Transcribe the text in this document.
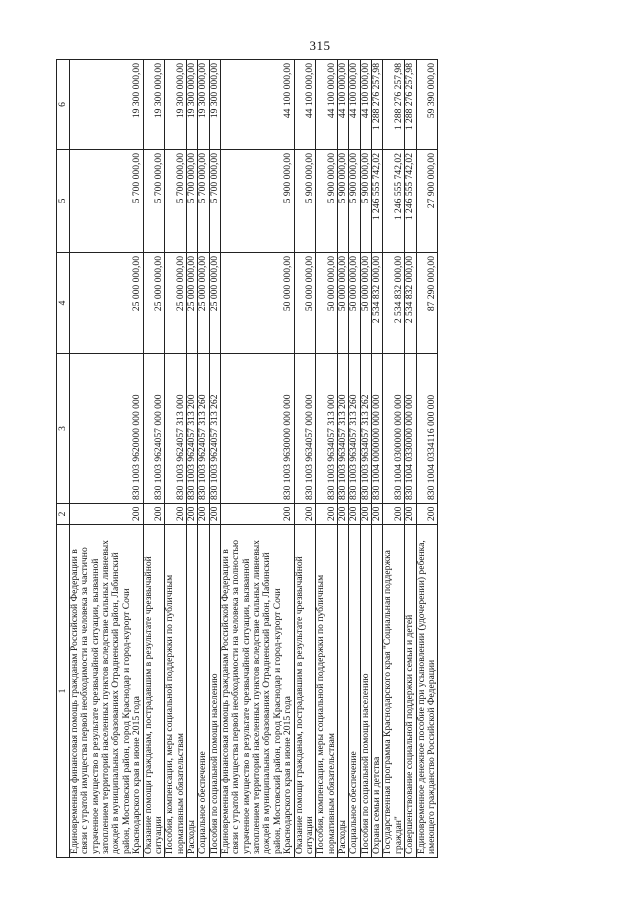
315
1	2	3	4	5	6
Единовременная финансовая помощь гражданам Российской Федерации в связи с утратой имущества первой необходимости на человека за частично утраченное имущество в результате чрезвычайной ситуации, вызванной затоплением территорий населенных пунктов вследствие сильных ливневых дождей в муниципальных образованиях Отрадненский район, Лабинский район, Мостовский район, город Краснодар и город-курорт Сочи Краснодарского края в июне 2015 года	200	830 1003 9620000 000 000	25 000 000,00	5 700 000,00	19 300 000,00
Оказание помощи гражданам, пострадавшим в результате чрезвычайной ситуации	200	830 1003 9624057 000 000	25 000 000,00	5 700 000,00	19 300 000,00
Пособия, компенсации, меры социальной поддержки по публичным нормативным обязательствам	200	830 1003 9624057 313 000	25 000 000,00	5 700 000,00	19 300 000,00
Расходы	200	830 1003 9624057 313 200	25 000 000,00	5 700 000,00	19 300 000,00
Социальное обеспечение	200	830 1003 9624057 313 260	25 000 000,00	5 700 000,00	19 300 000,00
Пособия по социальной помощи населению	200	830 1003 9624057 313 262	25 000 000,00	5 700 000,00	19 300 000,00
Единовременная финансовая помощь гражданам Российской Федерации в связи с утратой имущества первой необходимости на человека за полностью утраченное имущество в результате чрезвычайной ситуации, вызванной затоплением территорий населенных пунктов вследствие сильных ливневых дождей в муниципальных образованиях Отрадненский район, Лабинский район, Мостовский район, город Краснодар и город-курорт Сочи Краснодарского края в июне 2015 года	200	830 1003 9630000 000 000	50 000 000,00	5 900 000,00	44 100 000,00
Оказание помощи гражданам, пострадавшим в результате чрезвычайной ситуации	200	830 1003 9634057 000 000	50 000 000,00	5 900 000,00	44 100 000,00
Пособия, компенсации, меры социальной поддержки по публичным нормативным обязательствам	200	830 1003 9634057 313 000	50 000 000,00	5 900 000,00	44 100 000,00
Расходы	200	830 1003 9634057 313 200	50 000 000,00	5 900 000,00	44 100 000,00
Социальное обеспечение	200	830 1003 9634057 313 260	50 000 000,00	5 900 000,00	44 100 000,00
Пособия по социальной помощи населению	200	830 1003 9634057 313 262	50 000 000,00	5 900 000,00	44 100 000,00
Охрана семьи и детства	200	830 1004 0000000 000 000	2 534 832 000,00	1 246 555 742,02	1 288 276 257,98
Государственная программа Краснодарского края "Социальная поддержка граждан"	200	830 1004 0300000 000 000	2 534 832 000,00	1 246 555 742,02	1 288 276 257,98
Совершенствование социальной поддержки семьи и детей	200	830 1004 0330000 000 000	2 534 832 000,00	1 246 555 742,02	1 288 276 257,98
Единовременное денежное пособие при усыновлении (удочерении) ребенка, имеющего гражданство Российской Федерации	200	830 1004 0334116 000 000	87 290 000,00	27 900 000,00	59 390 000,00
